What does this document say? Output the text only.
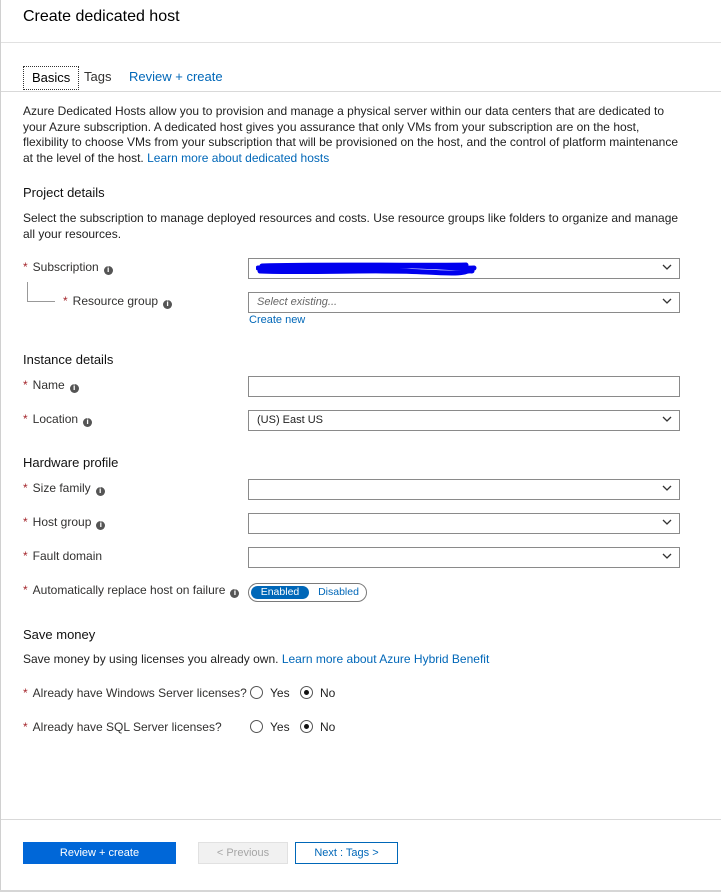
Create dedicated host
Basics	Tags	Review + create
Azure Dedicated Hosts allow you to provision and manage a physical server within our data centers that are dedicated to your Azure subscription. A dedicated host gives you assurance that only VMs from your subscription are on the host, flexibility to choose VMs from your subscription that will be provisioned on the host, and the control of platform maintenance at the level of the host. Learn more about dedicated hosts
Project details
Select the subscription to manage deployed resources and costs. Use resource groups like folders to organize and manage all your resources.
* Subscription i
* Resource group i	Select existing...
Create new
Instance details
* Name i
* Location i	(US) East US
Hardware profile
* Size family i
* Host group i
* Fault domain
* Automatically replace host on failure i	Enabled	Disabled
Save money
Save money by using licenses you already own. Learn more about Azure Hybrid Benefit
* Already have Windows Server licenses? Yes	No
* Already have SQL Server licenses?	Yes	No
Review + create	< Previous	Next : Tags >
